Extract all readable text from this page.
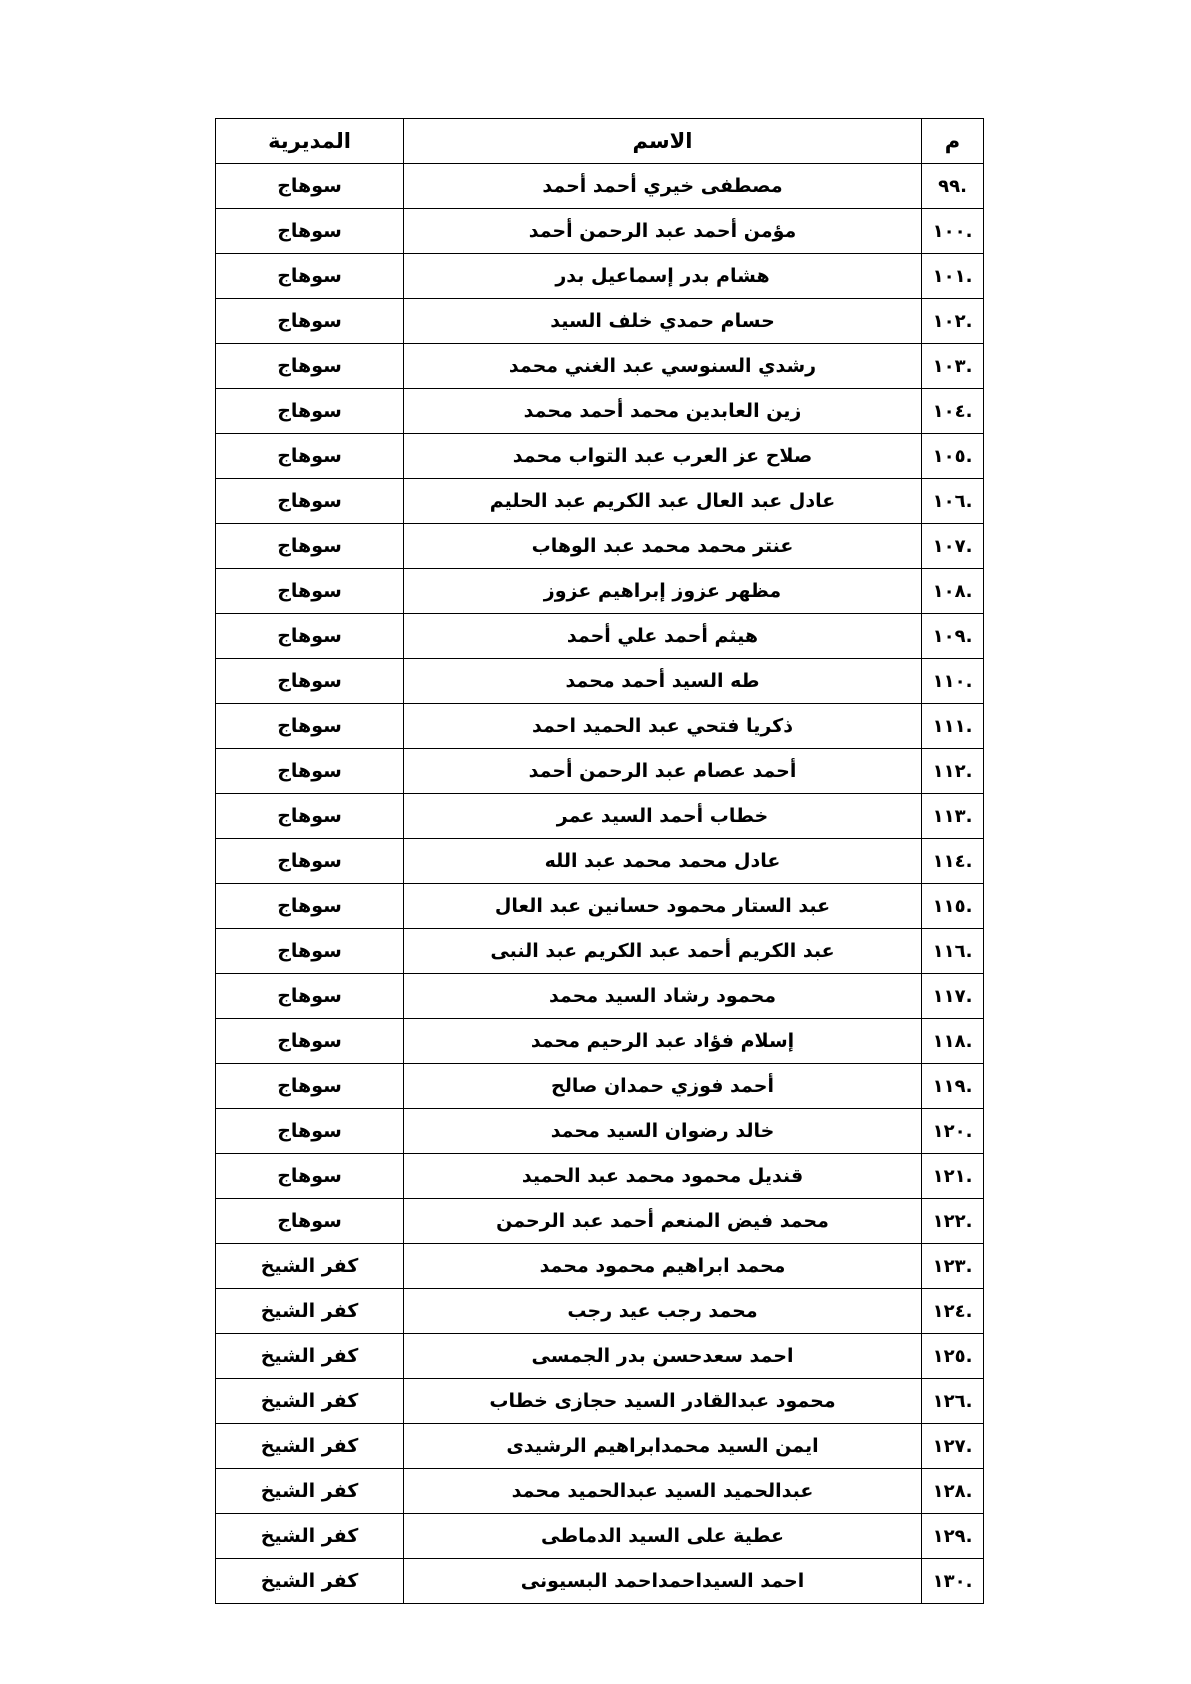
م	الاسم	المديرية
.٩٩	مصطفى خيري أحمد أحمد	سوهاج
.١٠٠	مؤمن أحمد عبد الرحمن أحمد	سوهاج
.١٠١	هشام بدر إسماعيل بدر	سوهاج
.١٠٢	حسام حمدي خلف السيد	سوهاج
.١٠٣	رشدي السنوسي عبد الغني محمد	سوهاج
.١٠٤	زين العابدين محمد أحمد محمد	سوهاج
.١٠٥	صلاح عز العرب عبد التواب محمد	سوهاج
.١٠٦	عادل عبد العال عبد الكريم عبد الحليم	سوهاج
.١٠٧	عنتر محمد محمد عبد الوهاب	سوهاج
.١٠٨	مظهر عزوز إبراهيم عزوز	سوهاج
.١٠٩	هيثم أحمد علي أحمد	سوهاج
.١١٠	طه السيد أحمد محمد	سوهاج
.١١١	ذكريا فتحي عبد الحميد احمد	سوهاج
.١١٢	أحمد عصام عبد الرحمن أحمد	سوهاج
.١١٣	خطاب أحمد السيد عمر	سوهاج
.١١٤	عادل محمد محمد عبد الله	سوهاج
.١١٥	عبد الستار محمود حسانين عبد العال	سوهاج
.١١٦	عبد الكريم أحمد عبد الكريم عبد النبى	سوهاج
.١١٧	محمود رشاد السيد محمد	سوهاج
.١١٨	إسلام فؤاد عبد الرحيم محمد	سوهاج
.١١٩	أحمد فوزي حمدان صالح	سوهاج
.١٢٠	خالد رضوان السيد محمد	سوهاج
.١٢١	قنديل محمود محمد عبد الحميد	سوهاج
.١٢٢	محمد فيض المنعم أحمد عبد الرحمن	سوهاج
.١٢٣	محمد ابراهيم محمود محمد	كفر الشيخ
.١٢٤	محمد رجب عيد رجب	كفر الشيخ
.١٢٥	احمد سعدحسن بدر الجمسى	كفر الشيخ
.١٢٦	محمود عبدالقادر السيد حجازى خطاب	كفر الشيخ
.١٢٧	ايمن السيد محمدابراهيم الرشيدى	كفر الشيخ
.١٢٨	عبدالحميد السيد عبدالحميد محمد	كفر الشيخ
.١٢٩	عطية على السيد الدماطى	كفر الشيخ
.١٣٠	احمد السيداحمداحمد البسيونى	كفر الشيخ
